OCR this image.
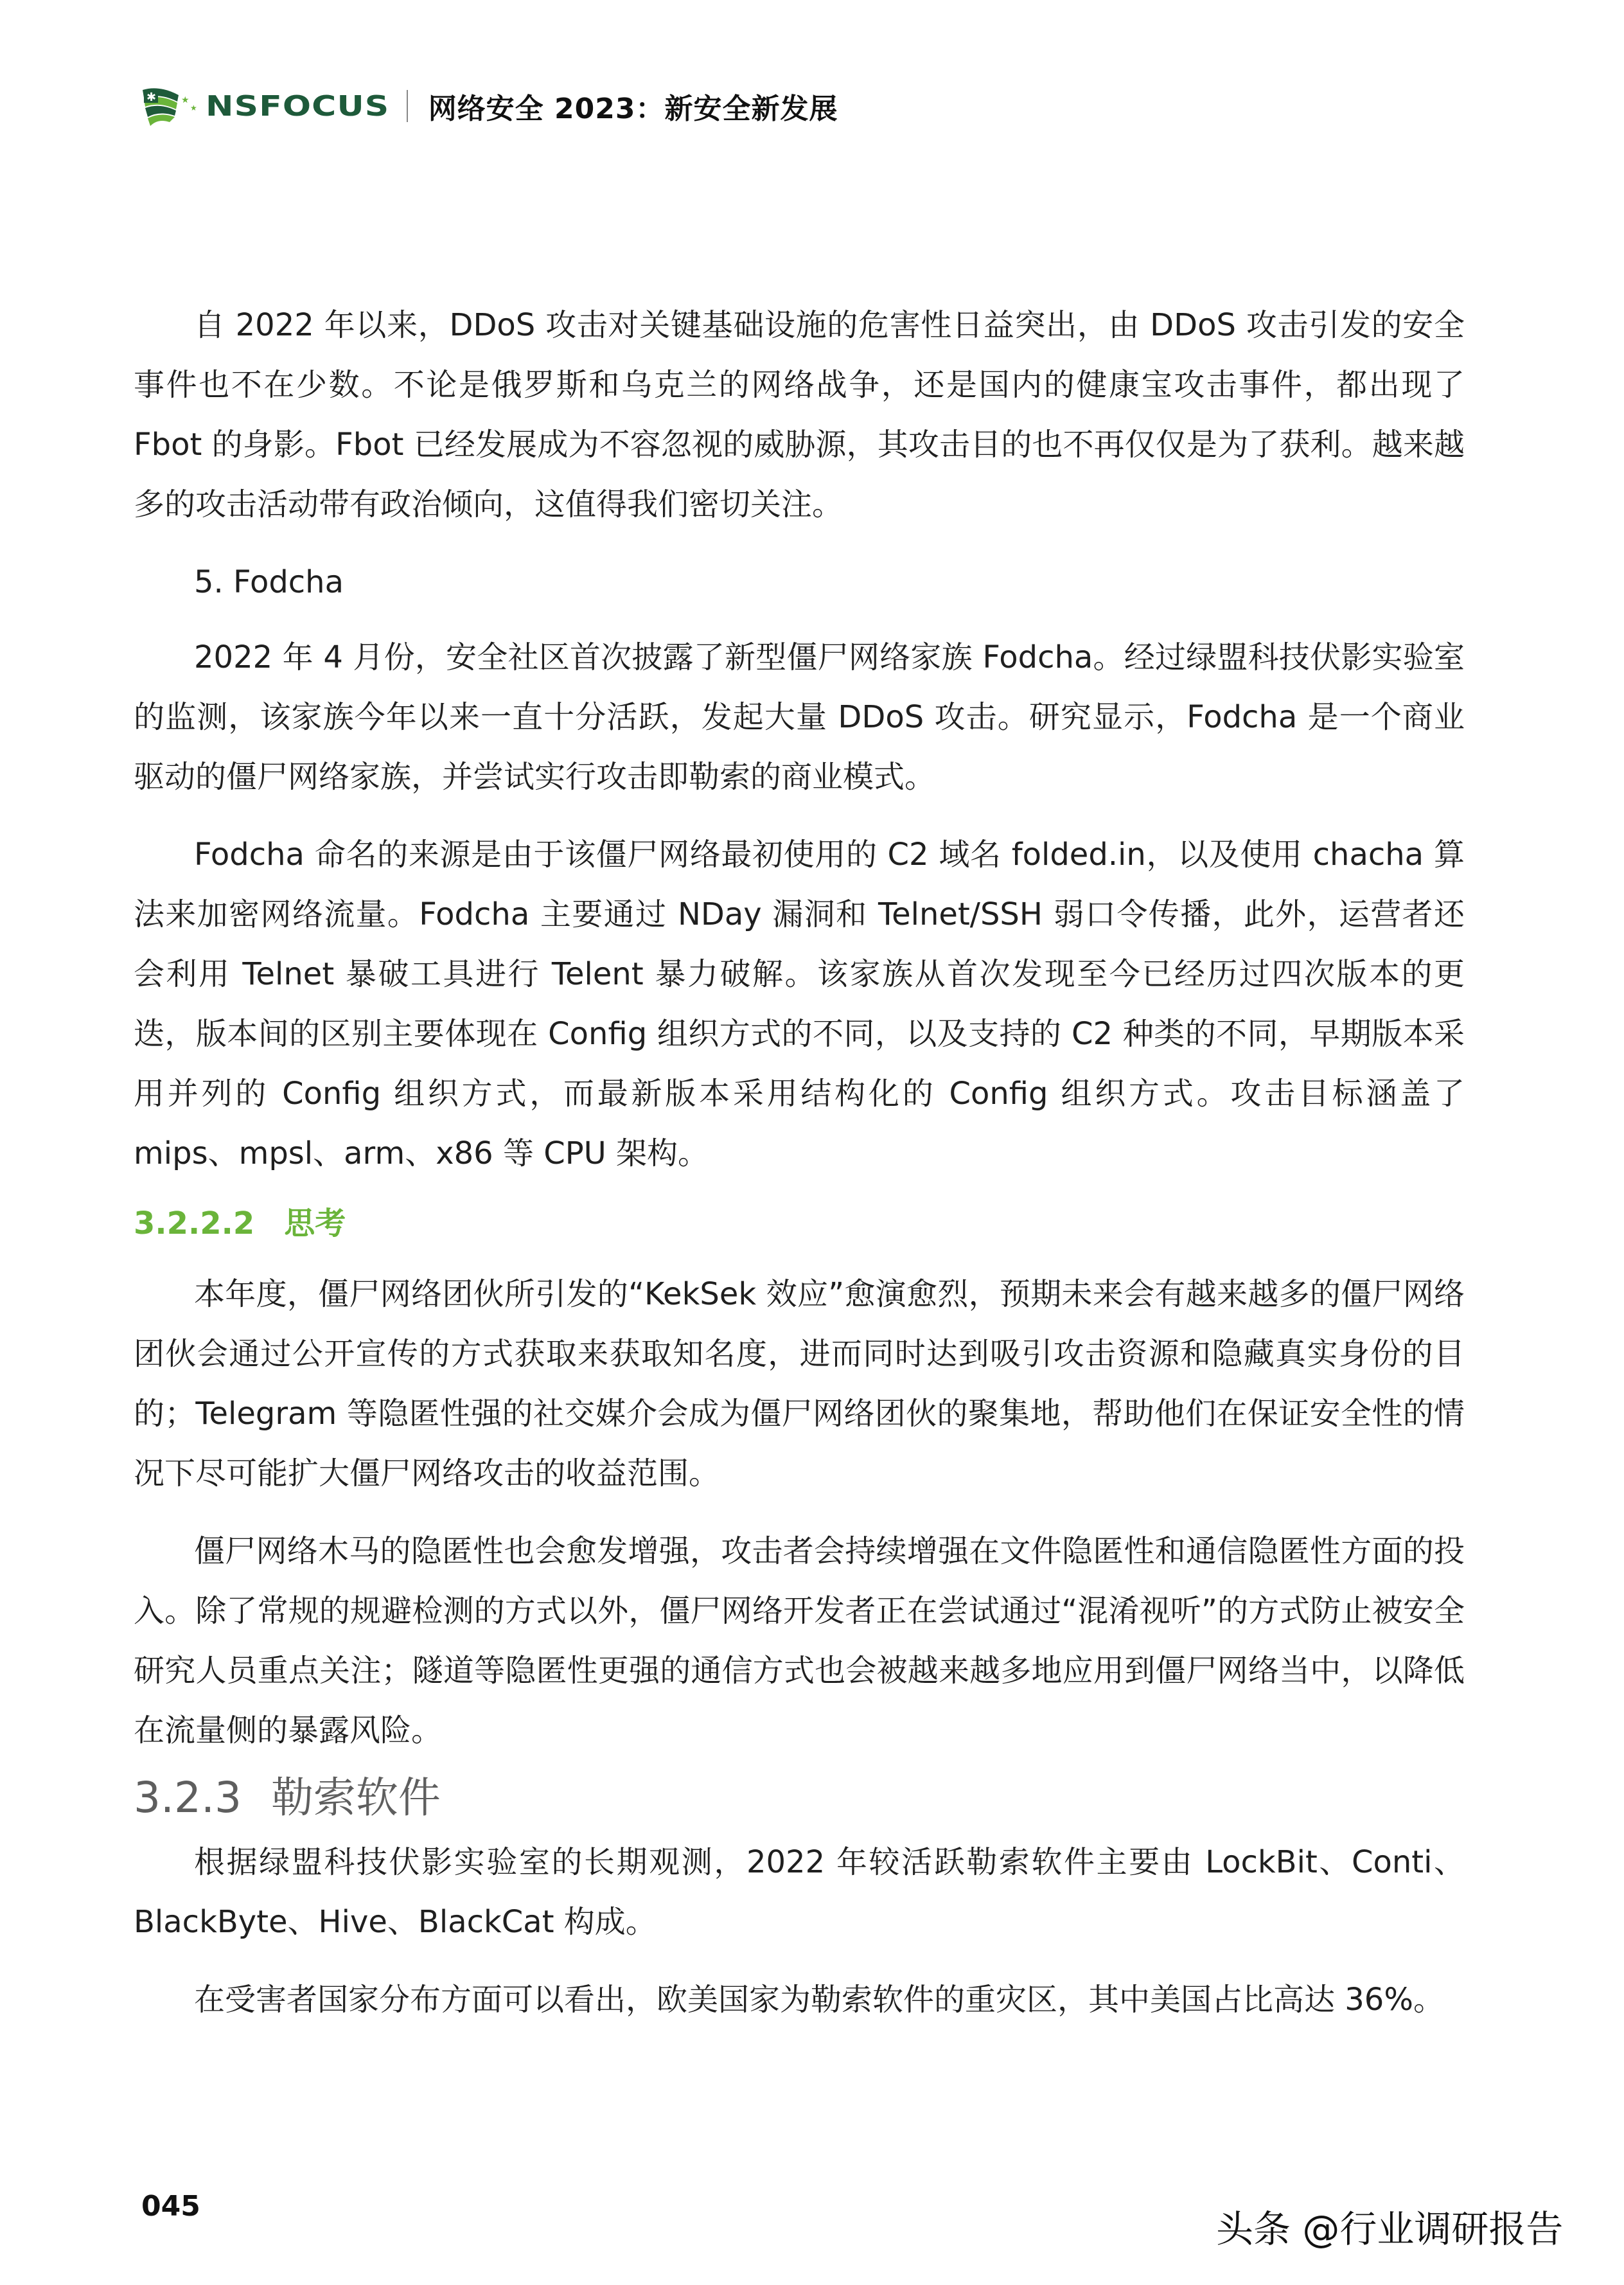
✱	★
★ NSFOCUS 网络安全 2023：新安全新发展

自 2022 年以来，DDoS 攻击对关键基础设施的危害性日益突出，由 DDoS 攻击引发的安全事件也不在少数。不论是俄罗斯和乌克兰的网络战争，还是国内的健康宝攻击事件，都出现了 Fbot 的身影。Fbot 已经发展成为不容忽视的威胁源，其攻击目的也不再仅仅是为了获利。越来越多的攻击活动带有政治倾向，这值得我们密切关注。

5. Fodcha

2022 年 4 月份，安全社区首次披露了新型僵尸网络家族 Fodcha。经过绿盟科技伏影实验室的监测，该家族今年以来一直十分活跃，发起大量 DDoS 攻击。研究显示，Fodcha 是一个商业驱动的僵尸网络家族，并尝试实行攻击即勒索的商业模式。

Fodcha 命名的来源是由于该僵尸网络最初使用的 C2 域名 folded.in，以及使用 chacha 算法来加密网络流量。Fodcha 主要通过 NDay 漏洞和 Telnet/SSH 弱口令传播，此外，运营者还会利用 Telnet 暴破工具进行 Telent 暴力破解。该家族从首次发现至今已经历过四次版本的更迭，版本间的区别主要体现在 Config 组织方式的不同，以及支持的 C2 种类的不同，早期版本采用并列的 Config 组织方式，而最新版本采用结构化的 Config 组织方式。攻击目标涵盖了 mips、mpsl、arm、x86 等 CPU 架构。

3.2.2.2 思考

本年度，僵尸网络团伙所引发的“KekSek 效应”愈演愈烈，预期未来会有越来越多的僵尸网络团伙会通过公开宣传的方式获取来获取知名度，进而同时达到吸引攻击资源和隐藏真实身份的目的；Telegram 等隐匿性强的社交媒介会成为僵尸网络团伙的聚集地，帮助他们在保证安全性的情况下尽可能扩大僵尸网络攻击的收益范围。

僵尸网络木马的隐匿性也会愈发增强，攻击者会持续增强在文件隐匿性和通信隐匿性方面的投入。除了常规的规避检测的方式以外，僵尸网络开发者正在尝试通过“混淆视听”的方式防止被安全研究人员重点关注；隧道等隐匿性更强的通信方式也会被越来越多地应用到僵尸网络当中，以降低在流量侧的暴露风险。

3.2.3 勒索软件

根据绿盟科技伏影实验室的长期观测，2022 年较活跃勒索软件主要由 LockBit、Conti、BlackByte、Hive、BlackCat 构成。

在受害者国家分布方面可以看出，欧美国家为勒索软件的重灾区，其中美国占比高达 36%。

045
头条 @行业调研报告
